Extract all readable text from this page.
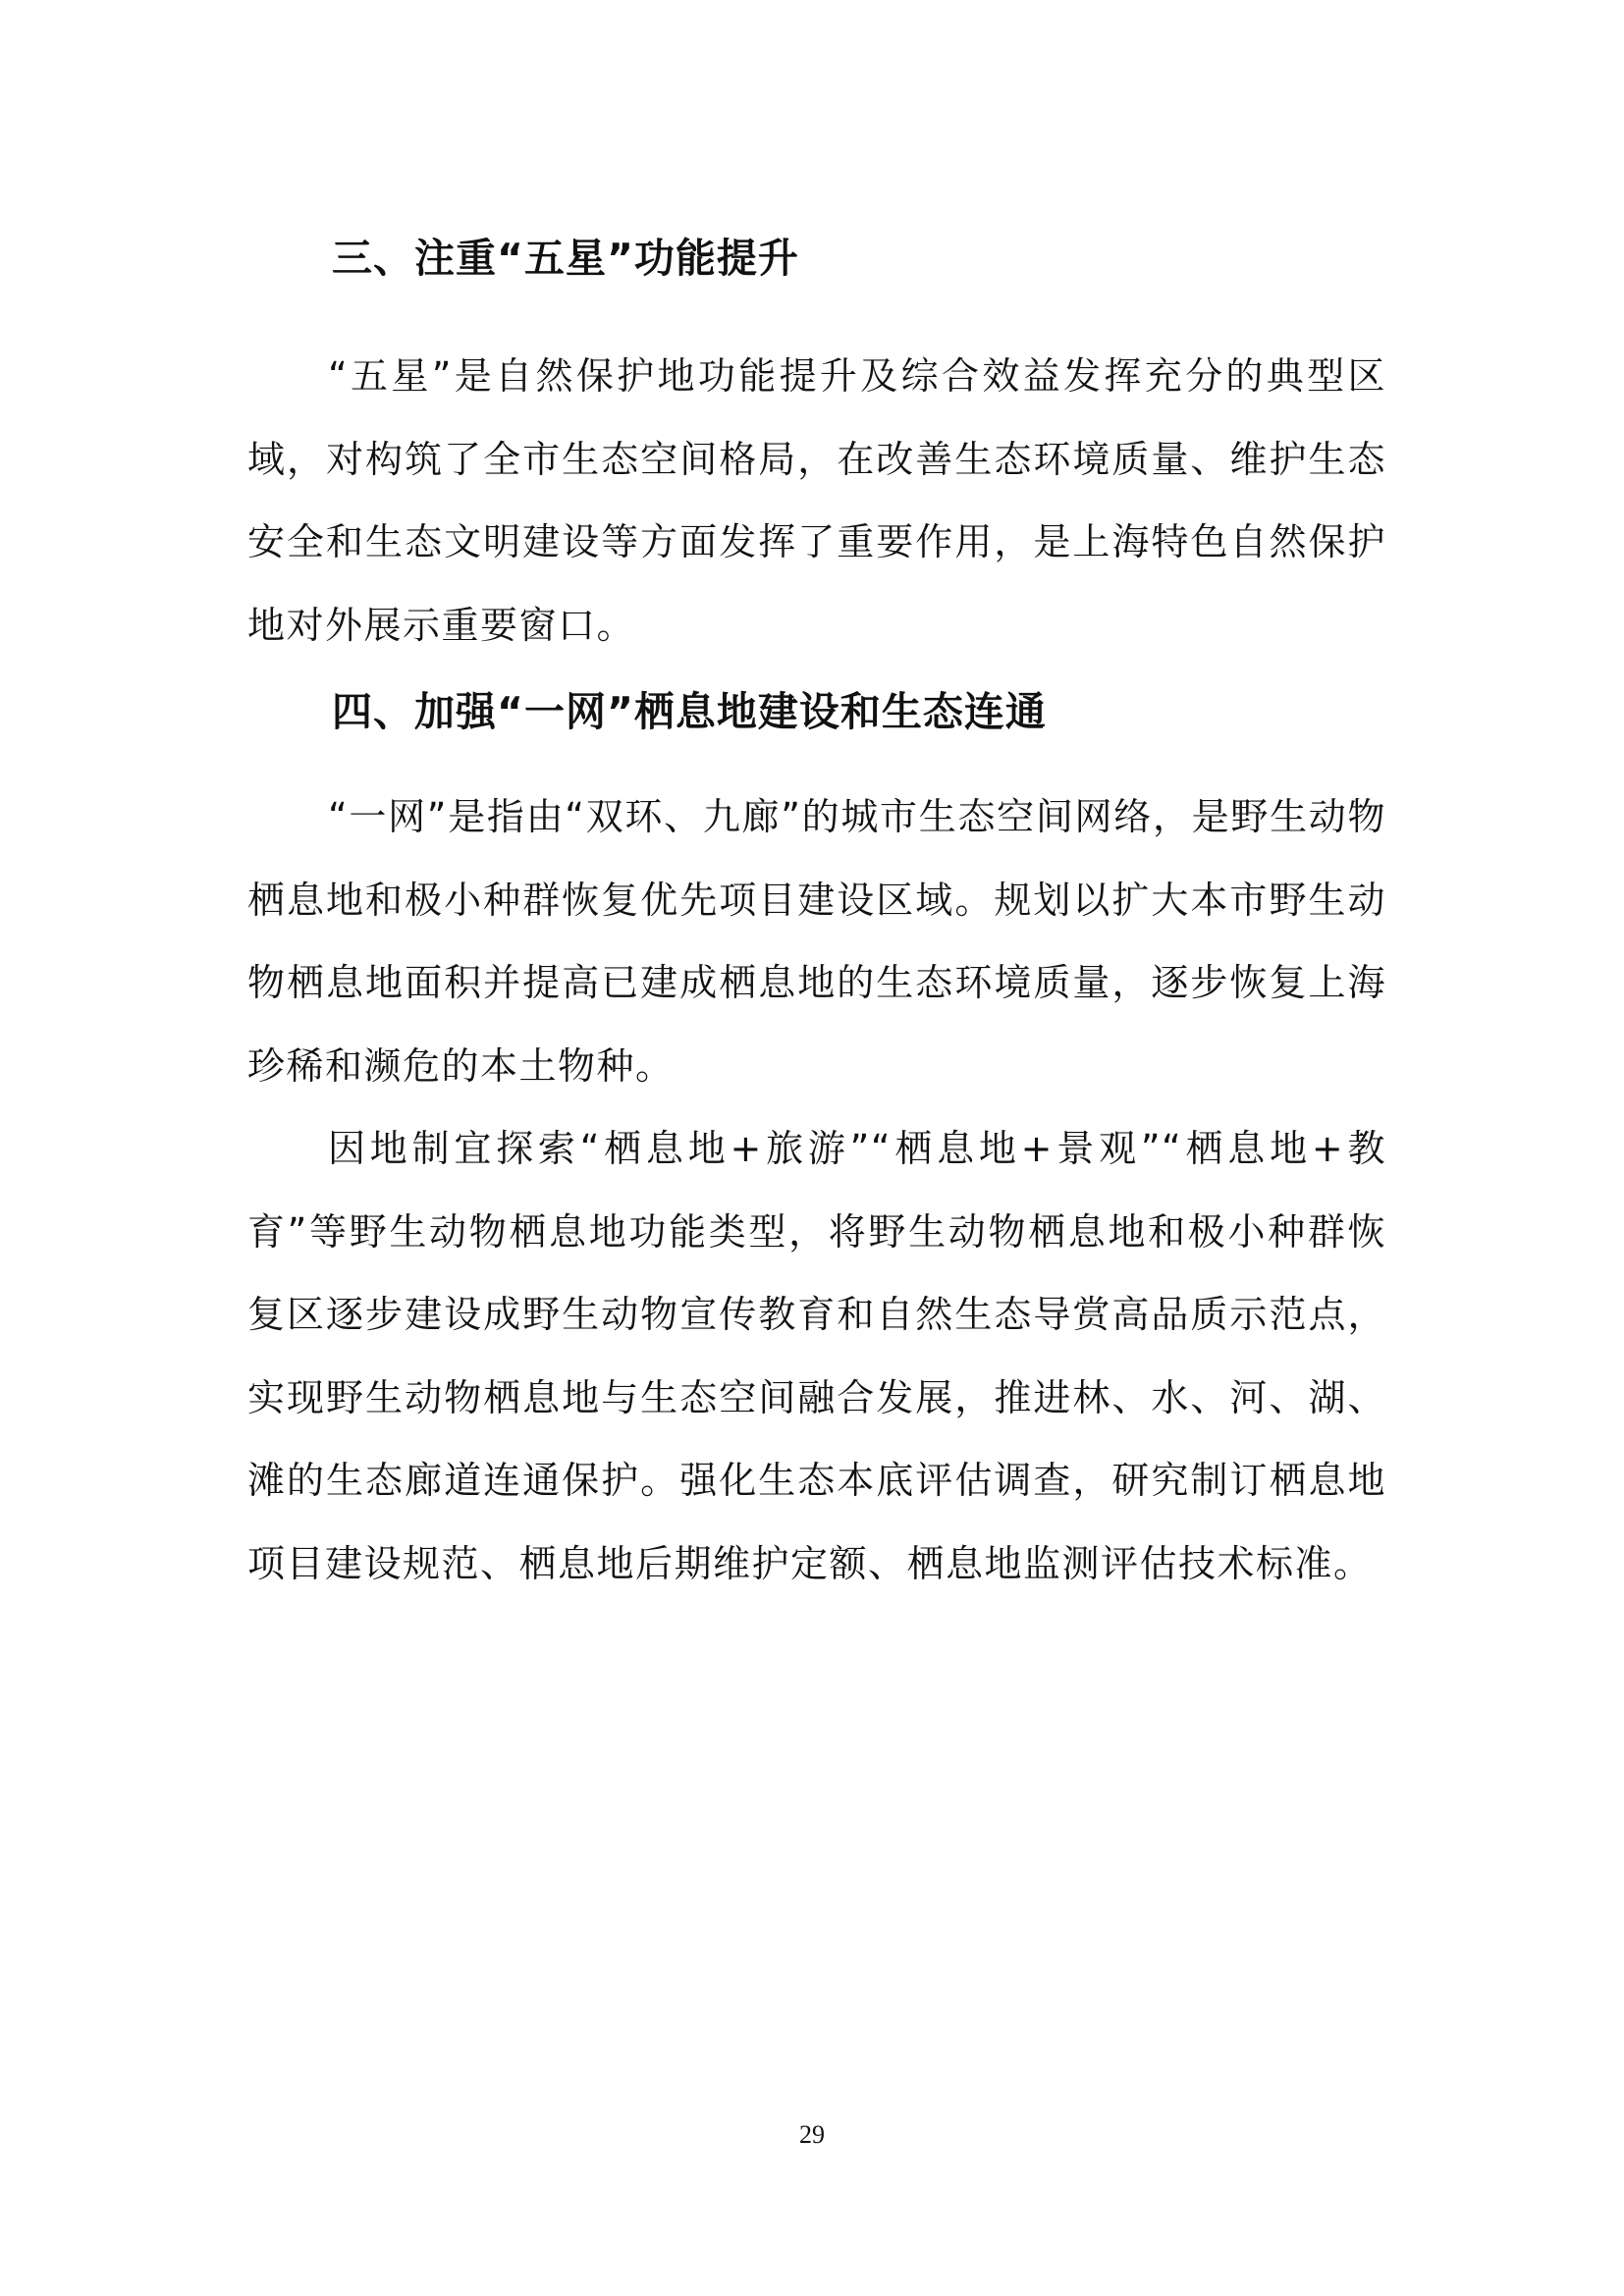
三、注重“五星”功能提升

“五星”是自然保护地功能提升及综合效益发挥充分的典型区域，对构筑了全市生态空间格局，在改善生态环境质量、维护生态安全和生态文明建设等方面发挥了重要作用，是上海特色自然保护地对外展示重要窗口。

四、加强“一网”栖息地建设和生态连通

“一网”是指由“双环、九廊”的城市生态空间网络，是野生动物栖息地和极小种群恢复优先项目建设区域。规划以扩大本市野生动物栖息地面积并提高已建成栖息地的生态环境质量，逐步恢复上海珍稀和濒危的本土物种。

因地制宜探索“栖息地+旅游”“栖息地+景观”“栖息地+教育”等野生动物栖息地功能类型，将野生动物栖息地和极小种群恢复区逐步建设成野生动物宣传教育和自然生态导赏高品质示范点，实现野生动物栖息地与生态空间融合发展，推进林、水、河、湖、滩的生态廊道连通保护。强化生态本底评估调查，研究制订栖息地项目建设规范、栖息地后期维护定额、栖息地监测评估技术标准。

29
